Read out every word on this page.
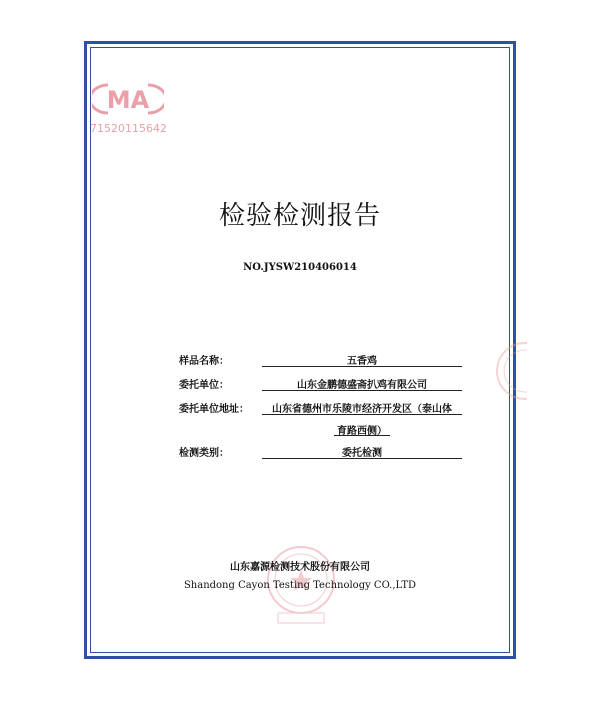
MA
71520115642
检验检测报告
NO.JYSW210406014
样品名称：	五香鸡
委托单位：	山东金鹏德盛斋扒鸡有限公司
委托单位地址：	山东省德州市乐陵市经济开发区（泰山体
育路西侧）
检测类别：	委托检测
山东嘉源检测技术股份有限公司
Shandong Cayon Testing Technology CO.,LTD
